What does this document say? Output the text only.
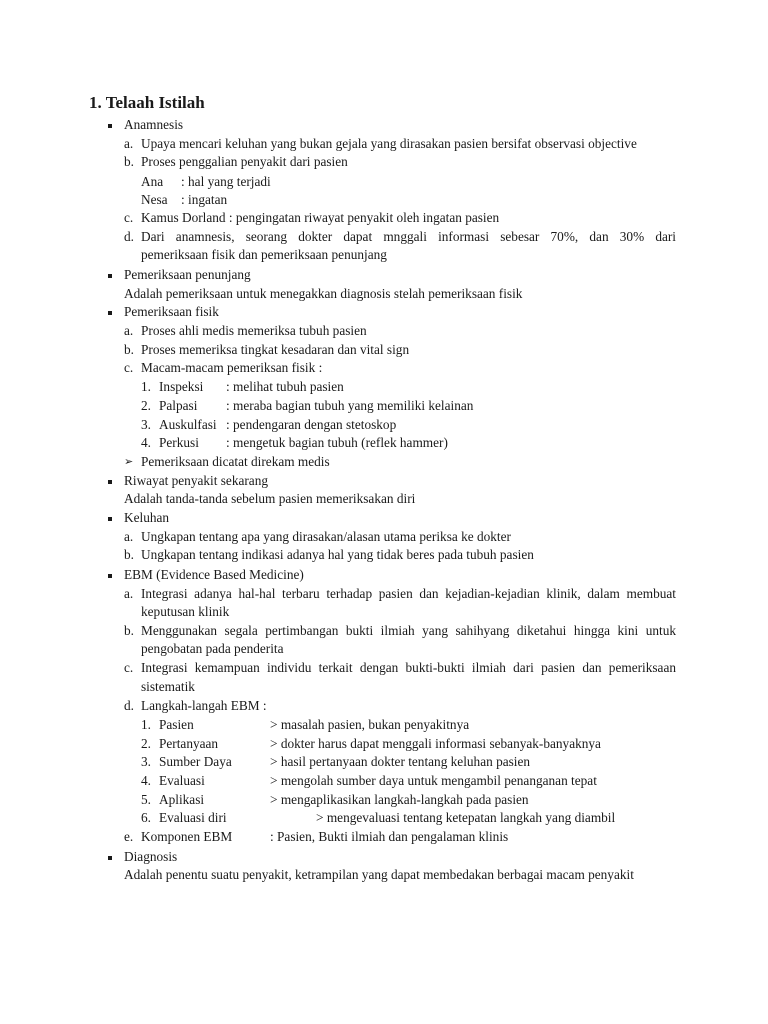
1. Telaah Istilah
Anamnesis
a. Upaya mencari keluhan yang bukan gejala yang dirasakan pasien bersifat observasi objective
b. Proses penggalian penyakit dari pasien
Ana : hal yang terjadi
Nesa : ingatan
c. Kamus Dorland : pengingatan riwayat penyakit oleh ingatan pasien
d. Dari anamnesis, seorang dokter dapat mnggali informasi sebesar 70%, dan 30% dari
pemeriksaan fisik dan pemeriksaan penunjang
Pemeriksaan penunjang
Adalah pemeriksaan untuk menegakkan diagnosis stelah pemeriksaan fisik
Pemeriksaan fisik
a. Proses ahli medis memeriksa tubuh pasien
b. Proses memeriksa tingkat kesadaran dan vital sign
c. Macam-macam pemeriksan fisik :
1. Inspeksi : melihat tubuh pasien
2. Palpasi : meraba bagian tubuh yang memiliki kelainan
3. Auskulfasi : pendengaran dengan stetoskop
4. Perkusi : mengetuk bagian tubuh (reflek hammer)
➢ Pemeriksaan dicatat direkam medis
Riwayat penyakit sekarang
Adalah tanda-tanda sebelum pasien memeriksakan diri
Keluhan
a. Ungkapan tentang apa yang dirasakan/alasan utama periksa ke dokter
b. Ungkapan tentang indikasi adanya hal yang tidak beres pada tubuh pasien
EBM (Evidence Based Medicine)
a. Integrasi adanya hal-hal terbaru terhadap pasien dan kejadian-kejadian klinik, dalam membuat
keputusan klinik
b. Menggunakan segala pertimbangan bukti ilmiah yang sahihyang diketahui hingga kini untuk
pengobatan pada penderita
c. Integrasi kemampuan individu terkait dengan bukti-bukti ilmiah dari pasien dan pemeriksaan
sistematik
d. Langkah-langah EBM :
1. Pasien	> masalah pasien, bukan penyakitnya
2. Pertanyaan	> dokter harus dapat menggali informasi sebanyak-banyaknya
3. Sumber Daya	> hasil pertanyaan dokter tentang keluhan pasien
4. Evaluasi	> mengolah sumber daya untuk mengambil penanganan tepat
5. Aplikasi	> mengaplikasikan langkah-langkah pada pasien
6. Evaluasi diri	> mengevaluasi tentang ketepatan langkah yang diambil
e. Komponen EBM	: Pasien, Bukti ilmiah dan pengalaman klinis
Diagnosis
Adalah penentu suatu penyakit, ketrampilan yang dapat membedakan berbagai macam penyakit
